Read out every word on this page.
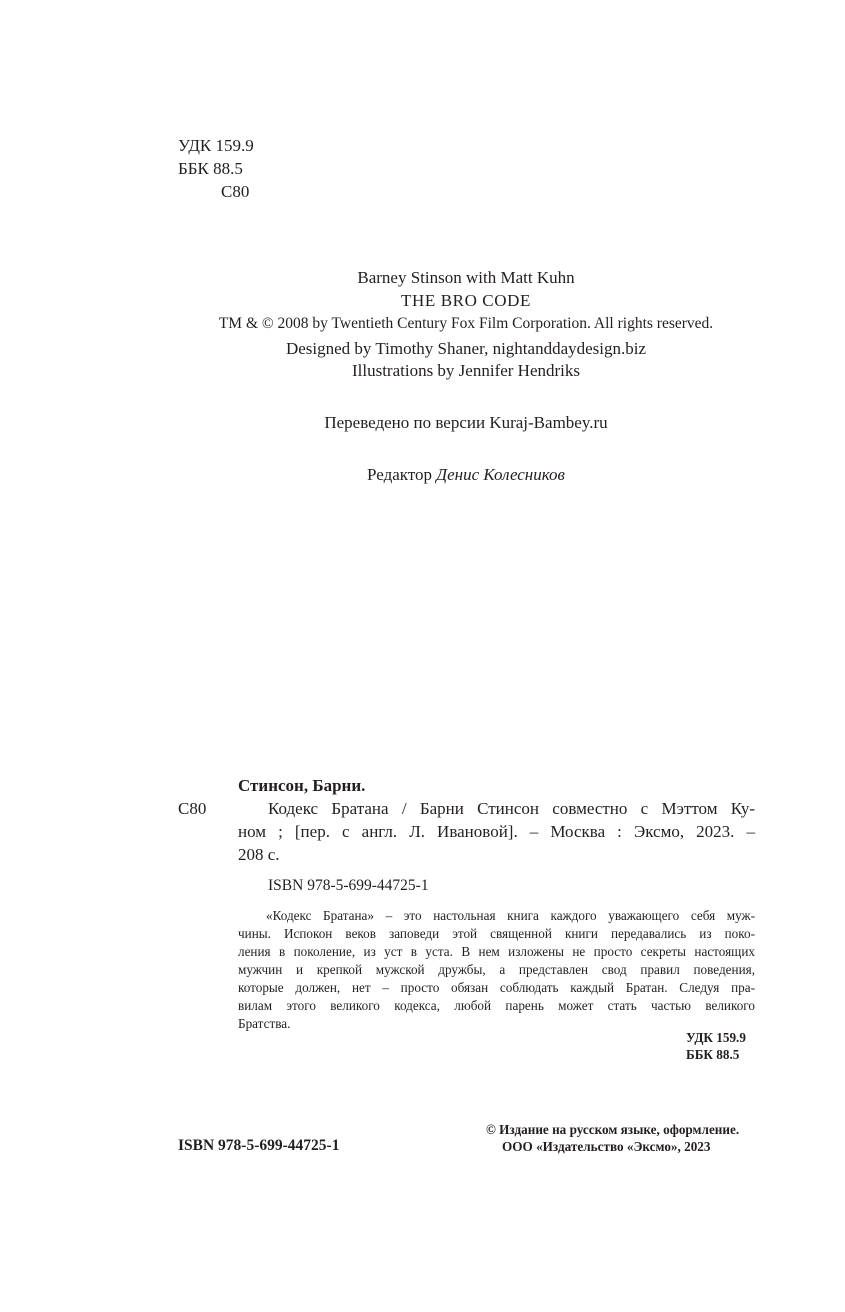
УДК 159.9
ББК 88.5
С80
Barney Stinson with Matt Kuhn
THE BRO CODE
TM & © 2008 by Twentieth Century Fox Film Corporation. All rights reserved.
Designed by Timothy Shaner, nightanddaydesign.biz
Illustrations by Jennifer Hendriks
Переведено по версии Kuraj-Bambey.ru
Редактор Денис Колесников
Стинсон, Барни.
С80	Кодекс Братана / Барни Стинсон совместно с Мэттом Ку-
ном ; [пер. с англ. Л. Ивановой]. – Москва : Эксмо, 2023. –
208 с.
ISBN 978-5-699-44725-1
«Кодекс Братана» – это настольная книга каждого уважающего себя муж-
чины. Испокон веков заповеди этой священной книги передавались из поко-
ления в поколение, из уст в уста. В нем изложены не просто секреты настоящих
мужчин и крепкой мужской дружбы, а представлен свод правил поведения,
которые должен, нет – просто обязан соблюдать каждый Братан. Следуя пра-
вилам этого великого кодекса, любой парень может стать частью великого
Братства.
УДК 159.9
ББК 88.5
ISBN 978-5-699-44725-1
© Издание на русском языке, оформление.
ООО «Издательство «Эксмо», 2023
